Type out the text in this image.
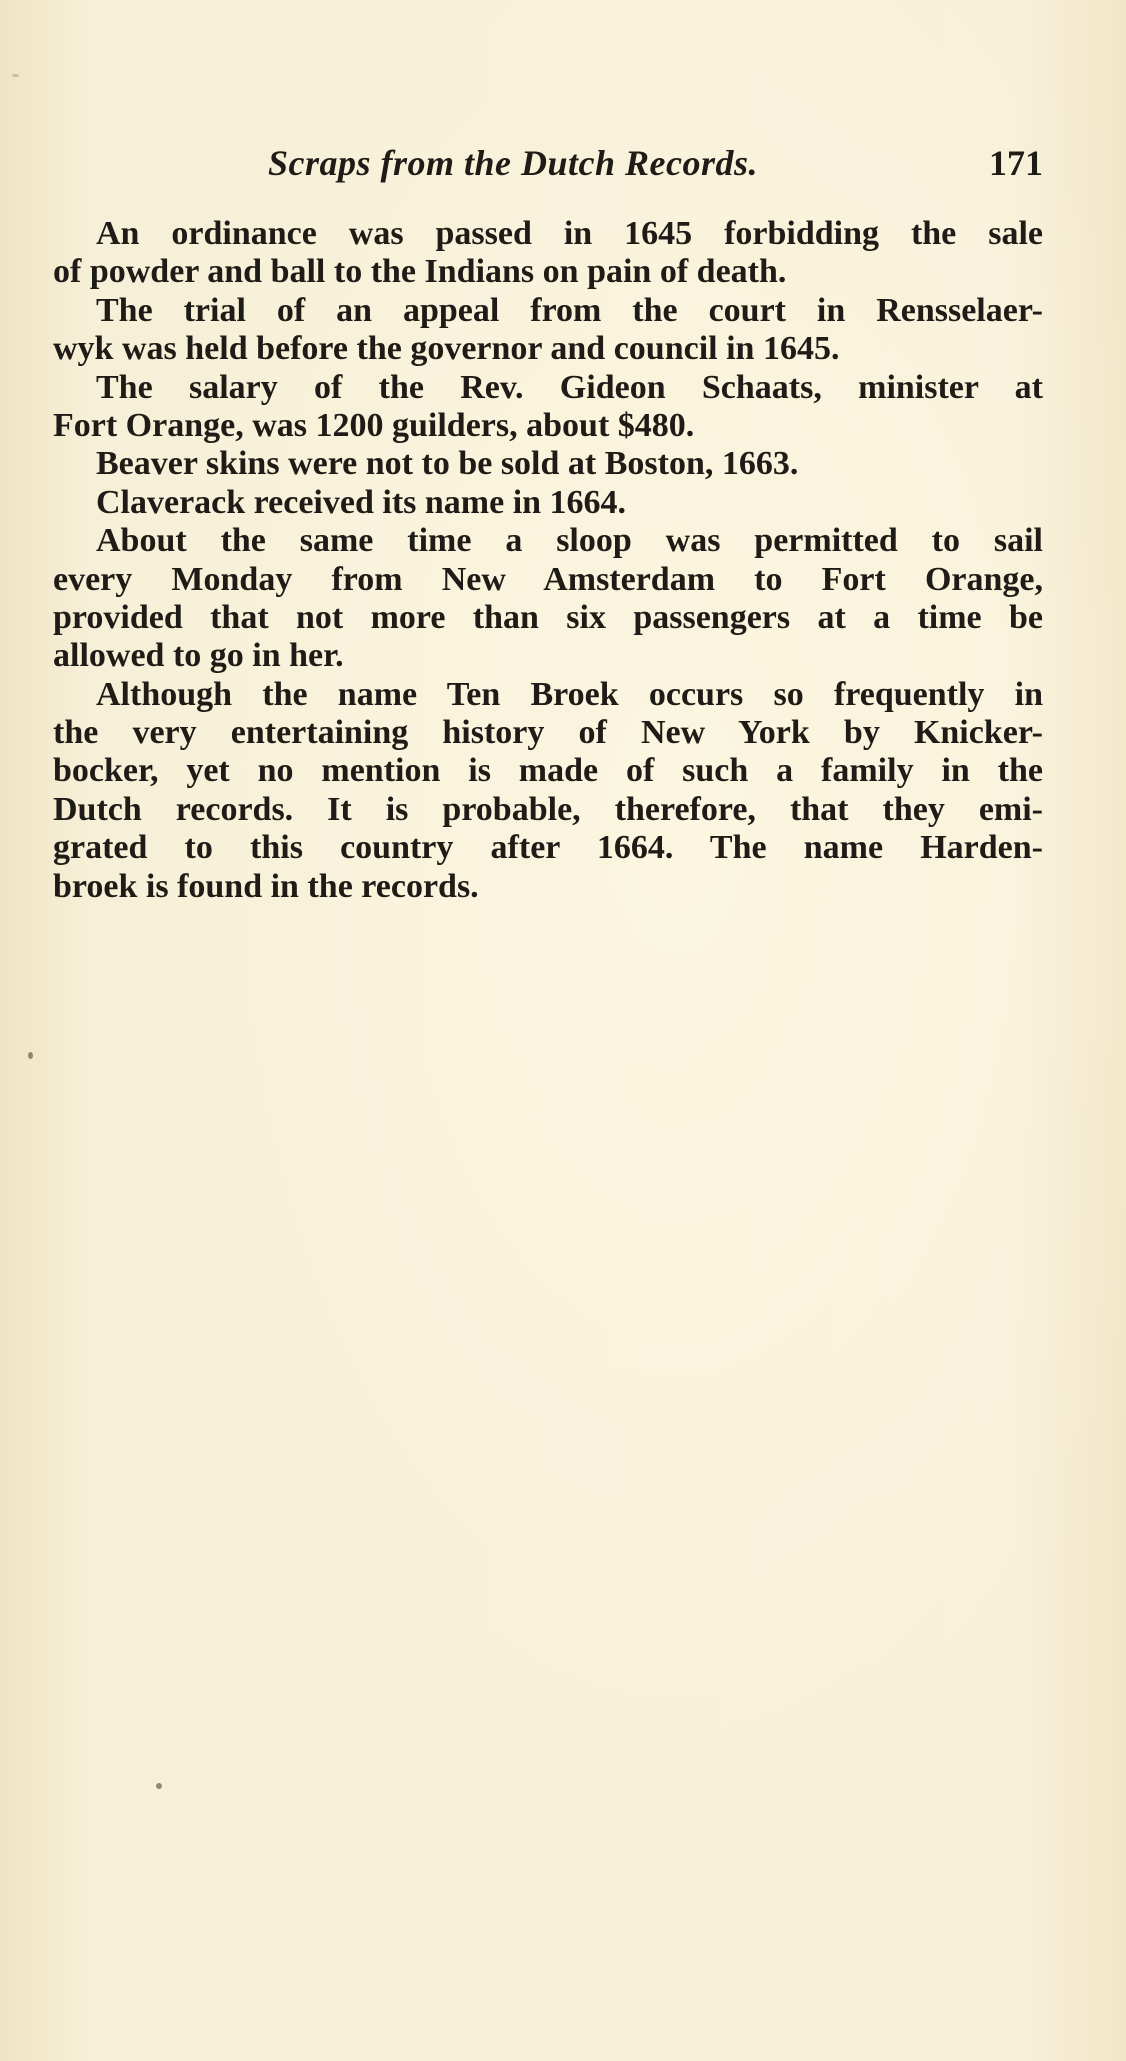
Scraps from the Dutch Records.	171
An ordinance was passed in 1645 forbidding the sale
of powder and ball to the Indians on pain of death.
The trial of an appeal from the court in Rensselaer-
wyk was held before the governor and council in 1645.
The salary of the Rev. Gideon Schaats, minister at
Fort Orange, was 1200 guilders, about $480.
Beaver skins were not to be sold at Boston, 1663.
Claverack received its name in 1664.
About the same time a sloop was permitted to sail
every Monday from New Amsterdam to Fort Orange,
provided that not more than six passengers at a time be
allowed to go in her.
Although the name Ten Broek occurs so frequently in
the very entertaining history of New York by Knicker-
bocker, yet no mention is made of such a family in the
Dutch records. It is probable, therefore, that they emi-
grated to this country after 1664. The name Harden-
broek is found in the records.
